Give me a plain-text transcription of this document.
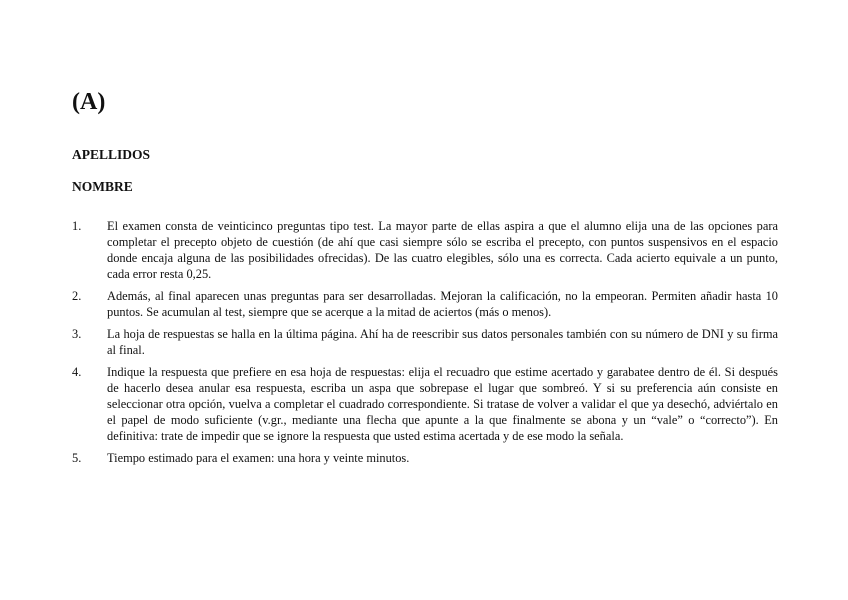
(A)

APELLIDOS

NOMBRE

1. El examen consta de veinticinco preguntas tipo test. La mayor parte de ellas aspira a que el alumno elija una de las opciones para completar el precepto objeto de cuestión (de ahí que casi siempre sólo se escriba el precepto, con puntos suspensivos en el espacio donde encaja alguna de las posibilidades ofrecidas). De las cuatro elegibles, sólo una es correcta. Cada acierto equivale a un punto, cada error resta 0,25.
2. Además, al final aparecen unas preguntas para ser desarrolladas. Mejoran la calificación, no la empeoran. Permiten añadir hasta 10 puntos. Se acumulan al test, siempre que se acerque a la mitad de aciertos (más o menos).
3. La hoja de respuestas se halla en la última página. Ahí ha de reescribir sus datos personales también con su número de DNI y su firma al final.
4. Indique la respuesta que prefiere en esa hoja de respuestas: elija el recuadro que estime acertado y garabatee dentro de él. Si después de hacerlo desea anular esa respuesta, escriba un aspa que sobrepase el lugar que sombreó. Y si su preferencia aún consiste en seleccionar otra opción, vuelva a completar el cuadrado correspondiente. Si tratase de volver a validar el que ya desechó, adviértalo en el papel de modo suficiente (v.gr., mediante una flecha que apunte a la que finalmente se abona y un “vale” o “correcto”). En definitiva: trate de impedir que se ignore la respuesta que usted estima acertada y de ese modo la señala.
5. Tiempo estimado para el examen: una hora y veinte minutos.
